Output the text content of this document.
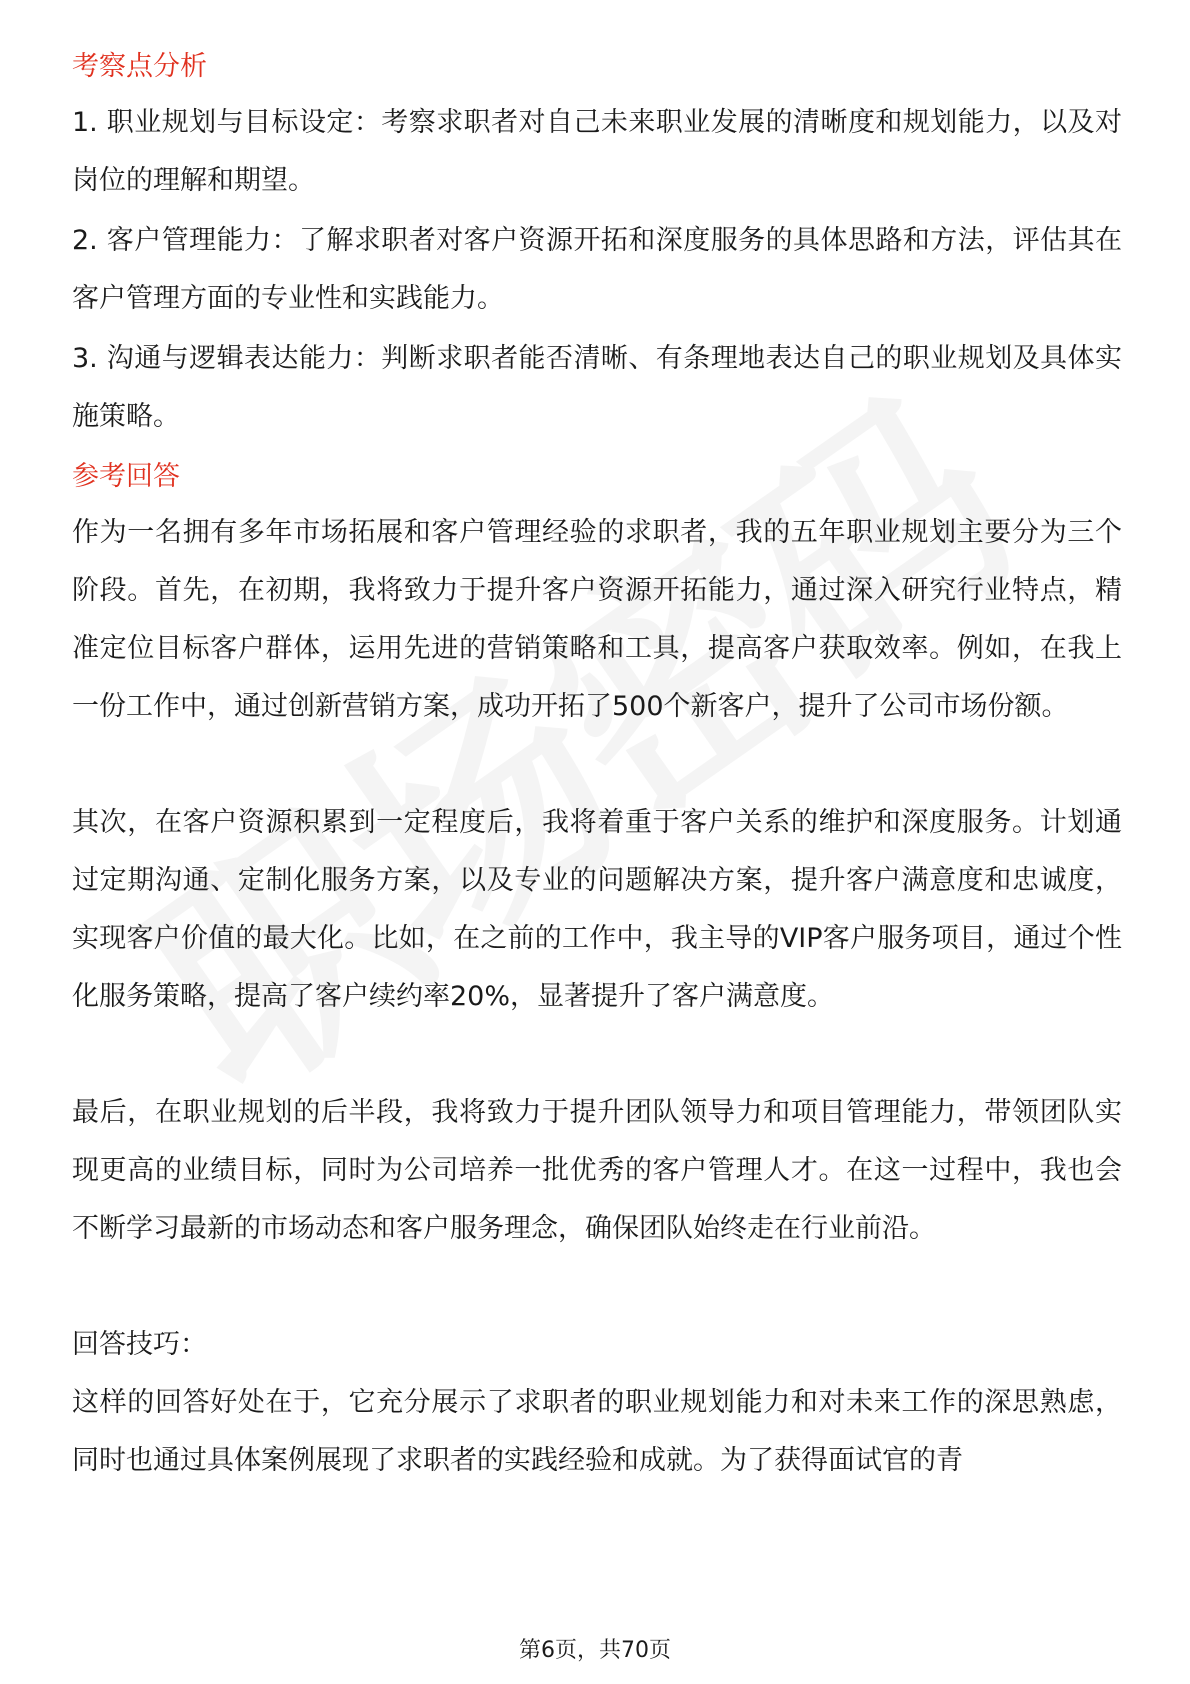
考察点分析

1. 职业规划与目标设定：考察求职者对自己未来职业发展的清晰度和规划能力，以及对岗位的理解和期望。

2. 客户管理能力：了解求职者对客户资源开拓和深度服务的具体思路和方法，评估其在客户管理方面的专业性和实践能力。

3. 沟通与逻辑表达能力：判断求职者能否清晰、有条理地表达自己的职业规划及具体实施策略。

参考回答

作为一名拥有多年市场拓展和客户管理经验的求职者，我的五年职业规划主要分为三个阶段。首先，在初期，我将致力于提升客户资源开拓能力，通过深入研究行业特点，精准定位目标客户群体，运用先进的营销策略和工具，提高客户获取效率。例如，在我上一份工作中，通过创新营销方案，成功开拓了500个新客户，提升了公司市场份额。

其次，在客户资源积累到一定程度后，我将着重于客户关系的维护和深度服务。计划通过定期沟通、定制化服务方案，以及专业的问题解决方案，提升客户满意度和忠诚度，实现客户价值的最大化。比如，在之前的工作中，我主导的VIP客户服务项目，通过个性化服务策略，提高了客户续约率20%，显著提升了客户满意度。

最后，在职业规划的后半段，我将致力于提升团队领导力和项目管理能力，带领团队实现更高的业绩目标，同时为公司培养一批优秀的客户管理人才。在这一过程中，我也会不断学习最新的市场动态和客户服务理念，确保团队始终走在行业前沿。

回答技巧：

这样的回答好处在于，它充分展示了求职者的职业规划能力和对未来工作的深思熟虑，同时也通过具体案例展现了求职者的实践经验和成就。为了获得面试官的青

第6页，共70页
